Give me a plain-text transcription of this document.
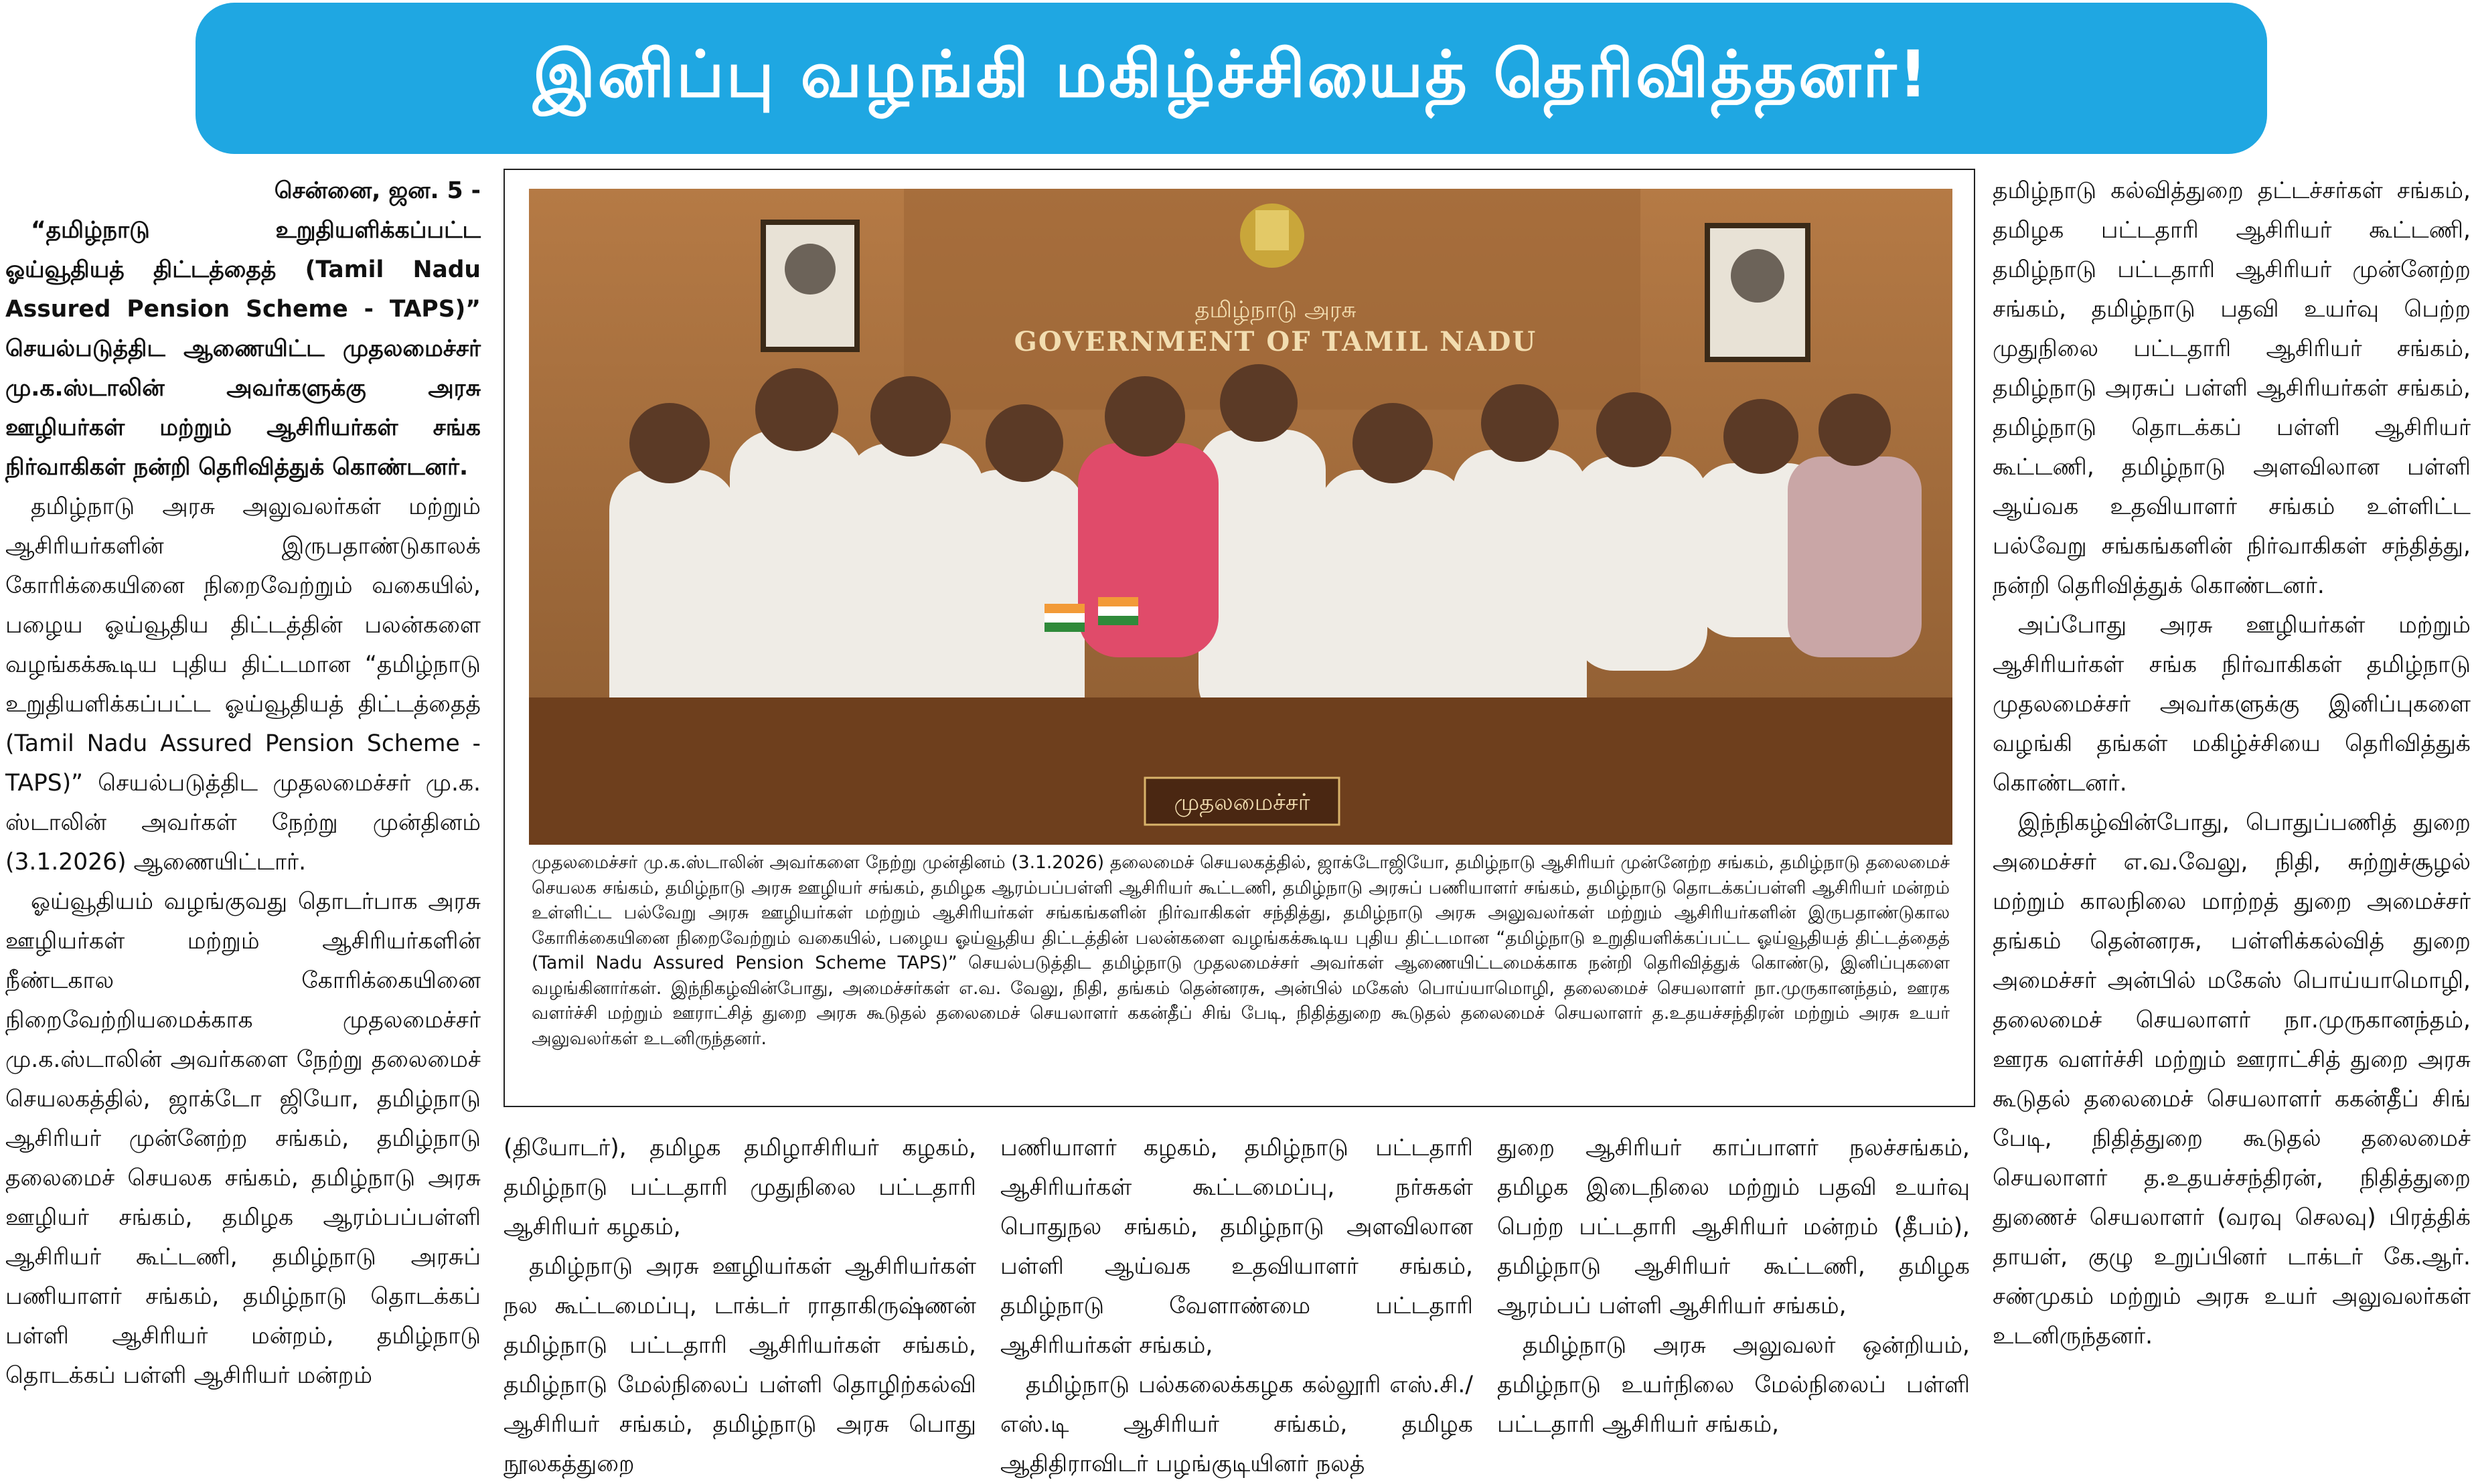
இனிப்பு வழங்கி மகிழ்ச்சியைத் தெரிவித்தனர்!

சென்னை, ஜன. 5 -

“தமிழ்நாடு உறுதியளிக்கப்பட்ட ஓய்வூதியத் திட்டத்தைத் (Tamil Nadu Assured Pension Scheme - TAPS)” செயல்படுத்திட ஆணையிட்ட முதலமைச்சர் மு.க.ஸ்டாலின் அவர்களுக்கு அரசு ஊழியர்கள் மற்றும் ஆசிரியர்கள் சங்க நிர்வாகிகள் நன்றி தெரிவித்துக் கொண்டனர்.

தமிழ்நாடு அரசு அலுவலர்கள் மற்றும் ஆசிரியர்களின் இருபதாண்டுகாலக் கோரிக்கையினை நிறைவேற்றும் வகையில், பழைய ஓய்வூதிய திட்டத்தின் பலன்களை வழங்கக்கூடிய புதிய திட்டமான “தமிழ்நாடு உறுதியளிக்கப்பட்ட ஓய்வூதியத் திட்டத்தைத் (Tamil Nadu Assured Pension Scheme - TAPS)” செயல்படுத்திட முதலமைச்சர் மு.க. ஸ்டாலின் அவர்கள் நேற்று முன்தினம் (3.1.2026) ஆணையிட்டார்.

ஓய்வூதியம் வழங்குவது தொடர்பாக அரசு ஊழியர்கள் மற்றும் ஆசிரியர்களின் நீண்டகால கோரிக்கையினை நிறைவேற்றியமைக்காக முதலமைச்சர் மு.க.ஸ்டாலின் அவர்களை நேற்று தலைமைச் செயலகத்தில், ஜாக்டோ ஜியோ, தமிழ்நாடு ஆசிரியர் முன்னேற்ற சங்கம், தமிழ்நாடு தலைமைச் செயலக சங்கம், தமிழ்நாடு அரசு ஊழியர் சங்கம், தமிழக ஆரம்பப்பள்ளி ஆசிரியர் கூட்டணி, தமிழ்நாடு அரசுப் பணியாளர் சங்கம், தமிழ்நாடு தொடக்கப் பள்ளி ஆசிரியர் மன்றம், தமிழ்நாடு தொடக்கப் பள்ளி ஆசிரியர் மன்றம்

தமிழ்நாடு அரசு
GOVERNMENT OF TAMIL NADU
முதலமைச்சர்
முதலமைச்சர் மு.க.ஸ்டாலின் அவர்களை நேற்று முன்தினம் (3.1.2026) தலைமைச் செயலகத்தில், ஜாக்டோஜியோ, தமிழ்நாடு ஆசிரியர் முன்னேற்ற சங்கம், தமிழ்நாடு தலைமைச் செயலக சங்கம், தமிழ்நாடு அரசு ஊழியர் சங்கம், தமிழக ஆரம்பப்பள்ளி ஆசிரியர் கூட்டணி, தமிழ்நாடு அரசுப் பணியாளர் சங்கம், தமிழ்நாடு தொடக்கப்பள்ளி ஆசிரியர் மன்றம் உள்ளிட்ட பல்வேறு அரசு ஊழியர்கள் மற்றும் ஆசிரியர்கள் சங்கங்களின் நிர்வாகிகள் சந்தித்து, தமிழ்நாடு அரசு அலுவலர்கள் மற்றும் ஆசிரியர்களின் இருபதாண்டுகால கோரிக்கையினை நிறைவேற்றும் வகையில், பழைய ஓய்வூதிய திட்டத்தின் பலன்களை வழங்கக்கூடிய புதிய திட்டமான “தமிழ்நாடு உறுதியளிக்கப்பட்ட ஓய்வூதியத் திட்டத்தைத் (Tamil Nadu Assured Pension Scheme TAPS)” செயல்படுத்திட தமிழ்நாடு முதலமைச்சர் அவர்கள் ஆணையிட்டமைக்காக நன்றி தெரிவித்துக் கொண்டு, இனிப்புகளை வழங்கினார்கள். இந்நிகழ்வின்போது, அமைச்சர்கள் எ.வ. வேலு, நிதி, தங்கம் தென்னரசு, அன்பில் மகேஸ் பொய்யாமொழி, தலைமைச் செயலாளர் நா.முருகானந்தம், ஊரக வளர்ச்சி மற்றும் ஊராட்சித் துறை அரசு கூடுதல் தலைமைச் செயலாளர் ககன்தீப் சிங் பேடி, நிதித்துறை கூடுதல் தலைமைச் செயலாளர் த.உதயச்சந்திரன் மற்றும் அரசு உயர் அலுவலர்கள் உடனிருந்தனர்.

(தியோடர்), தமிழக தமிழாசிரியர் கழகம், தமிழ்நாடு பட்டதாரி முதுநிலை பட்டதாரி ஆசிரியர் கழகம்,

தமிழ்நாடு அரசு ஊழியர்கள் ஆசிரியர்கள் நல கூட்டமைப்பு, டாக்டர் ராதாகிருஷ்ணன் தமிழ்நாடு பட்டதாரி ஆசிரியர்கள் சங்கம், தமிழ்நாடு மேல்நிலைப் பள்ளி தொழிற்கல்வி ஆசிரியர் சங்கம், தமிழ்நாடு அரசு பொது நூலகத்துறை

பணியாளர் கழகம், தமிழ்நாடு பட்டதாரி ஆசிரியர்கள் கூட்டமைப்பு, நர்சுகள் பொதுநல சங்கம், தமிழ்நாடு அளவிலான பள்ளி ஆய்வக உதவியாளர் சங்கம், தமிழ்நாடு வேளாண்மை பட்டதாரி ஆசிரியர்கள் சங்கம்,

தமிழ்நாடு பல்கலைக்கழக கல்லூரி எஸ்.சி./எஸ்.டி ஆசிரியர் சங்கம், தமிழக ஆதிதிராவிடர் பழங்குடியினர் நலத்

துறை ஆசிரியர் காப்பாளர் நலச்சங்கம், தமிழக இடைநிலை மற்றும் பதவி உயர்வு பெற்ற பட்டதாரி ஆசிரியர் மன்றம் (தீபம்), தமிழ்நாடு ஆசிரியர் கூட்டணி, தமிழக ஆரம்பப் பள்ளி ஆசிரியர் சங்கம்,

தமிழ்நாடு அரசு அலுவலர் ஒன்றியம், தமிழ்நாடு உயர்நிலை மேல்நிலைப் பள்ளி பட்டதாரி ஆசிரியர் சங்கம்,

தமிழ்நாடு கல்வித்துறை தட்டச்சர்கள் சங்கம், தமிழக பட்டதாரி ஆசிரியர் கூட்டணி, தமிழ்நாடு பட்டதாரி ஆசிரியர் முன்னேற்ற சங்கம், தமிழ்நாடு பதவி உயர்வு பெற்ற முதுநிலை பட்டதாரி ஆசிரியர் சங்கம், தமிழ்நாடு அரசுப் பள்ளி ஆசிரியர்கள் சங்கம், தமிழ்நாடு தொடக்கப் பள்ளி ஆசிரியர் கூட்டணி, தமிழ்நாடு அளவிலான பள்ளி ஆய்வக உதவியாளர் சங்கம் உள்ளிட்ட பல்வேறு சங்கங்களின் நிர்வாகிகள் சந்தித்து, நன்றி தெரிவித்துக் கொண்டனர்.

அப்போது அரசு ஊழியர்கள் மற்றும் ஆசிரியர்கள் சங்க நிர்வாகிகள் தமிழ்நாடு முதலமைச்சர் அவர்களுக்கு இனிப்புகளை வழங்கி தங்கள் மகிழ்ச்சியை தெரிவித்துக் கொண்டனர்.

இந்நிகழ்வின்போது, பொதுப்பணித் துறை அமைச்சர் எ.வ.வேலு, நிதி, சுற்றுச்சூழல் மற்றும் காலநிலை மாற்றத் துறை அமைச்சர் தங்கம் தென்னரசு, பள்ளிக்கல்வித் துறை அமைச்சர் அன்பில் மகேஸ் பொய்யாமொழி, தலைமைச் செயலாளர் நா.முருகானந்தம், ஊரக வளர்ச்சி மற்றும் ஊராட்சித் துறை அரசு கூடுதல் தலைமைச் செயலாளர் ககன்தீப் சிங் பேடி, நிதித்துறை கூடுதல் தலைமைச் செயலாளர் த.உதயச்சந்திரன், நிதித்துறை துணைச் செயலாளர் (வரவு செலவு) பிரத்திக் தாயள், குழு உறுப்பினர் டாக்டர் கே.ஆர். சண்முகம் மற்றும் அரசு உயர் அலுவலர்கள் உடனிருந்தனர்.
